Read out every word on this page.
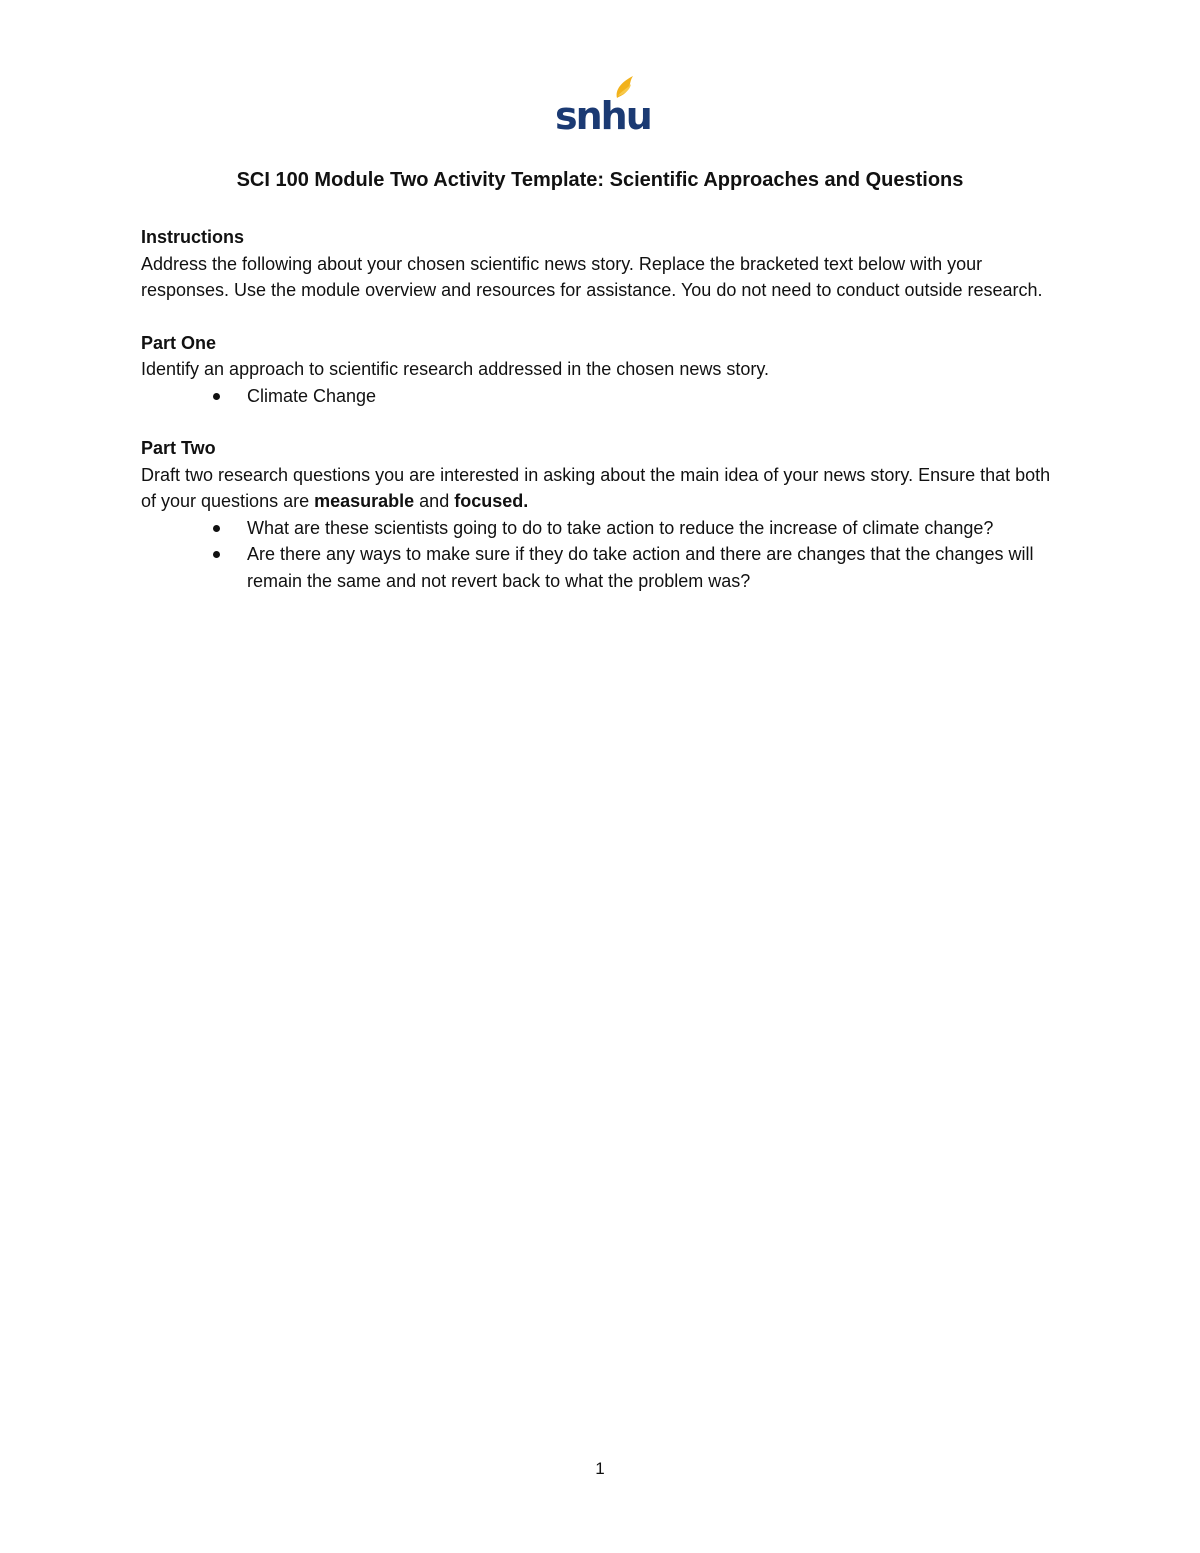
snhu
SCI 100 Module Two Activity Template: Scientific Approaches and Questions

Instructions

Address the following about your chosen scientific news story. Replace the bracketed text below with your responses. Use the module overview and resources for assistance. You do not need to conduct outside research.

Part One

Identify an approach to scientific research addressed in the chosen news story.

Climate Change

Part Two

Draft two research questions you are interested in asking about the main idea of your news story. Ensure that both of your questions are measurable and focused.

What are these scientists going to do to take action to reduce the increase of climate change?
Are there any ways to make sure if they do take action and there are changes that the changes will remain the same and not revert back to what the problem was?
1
